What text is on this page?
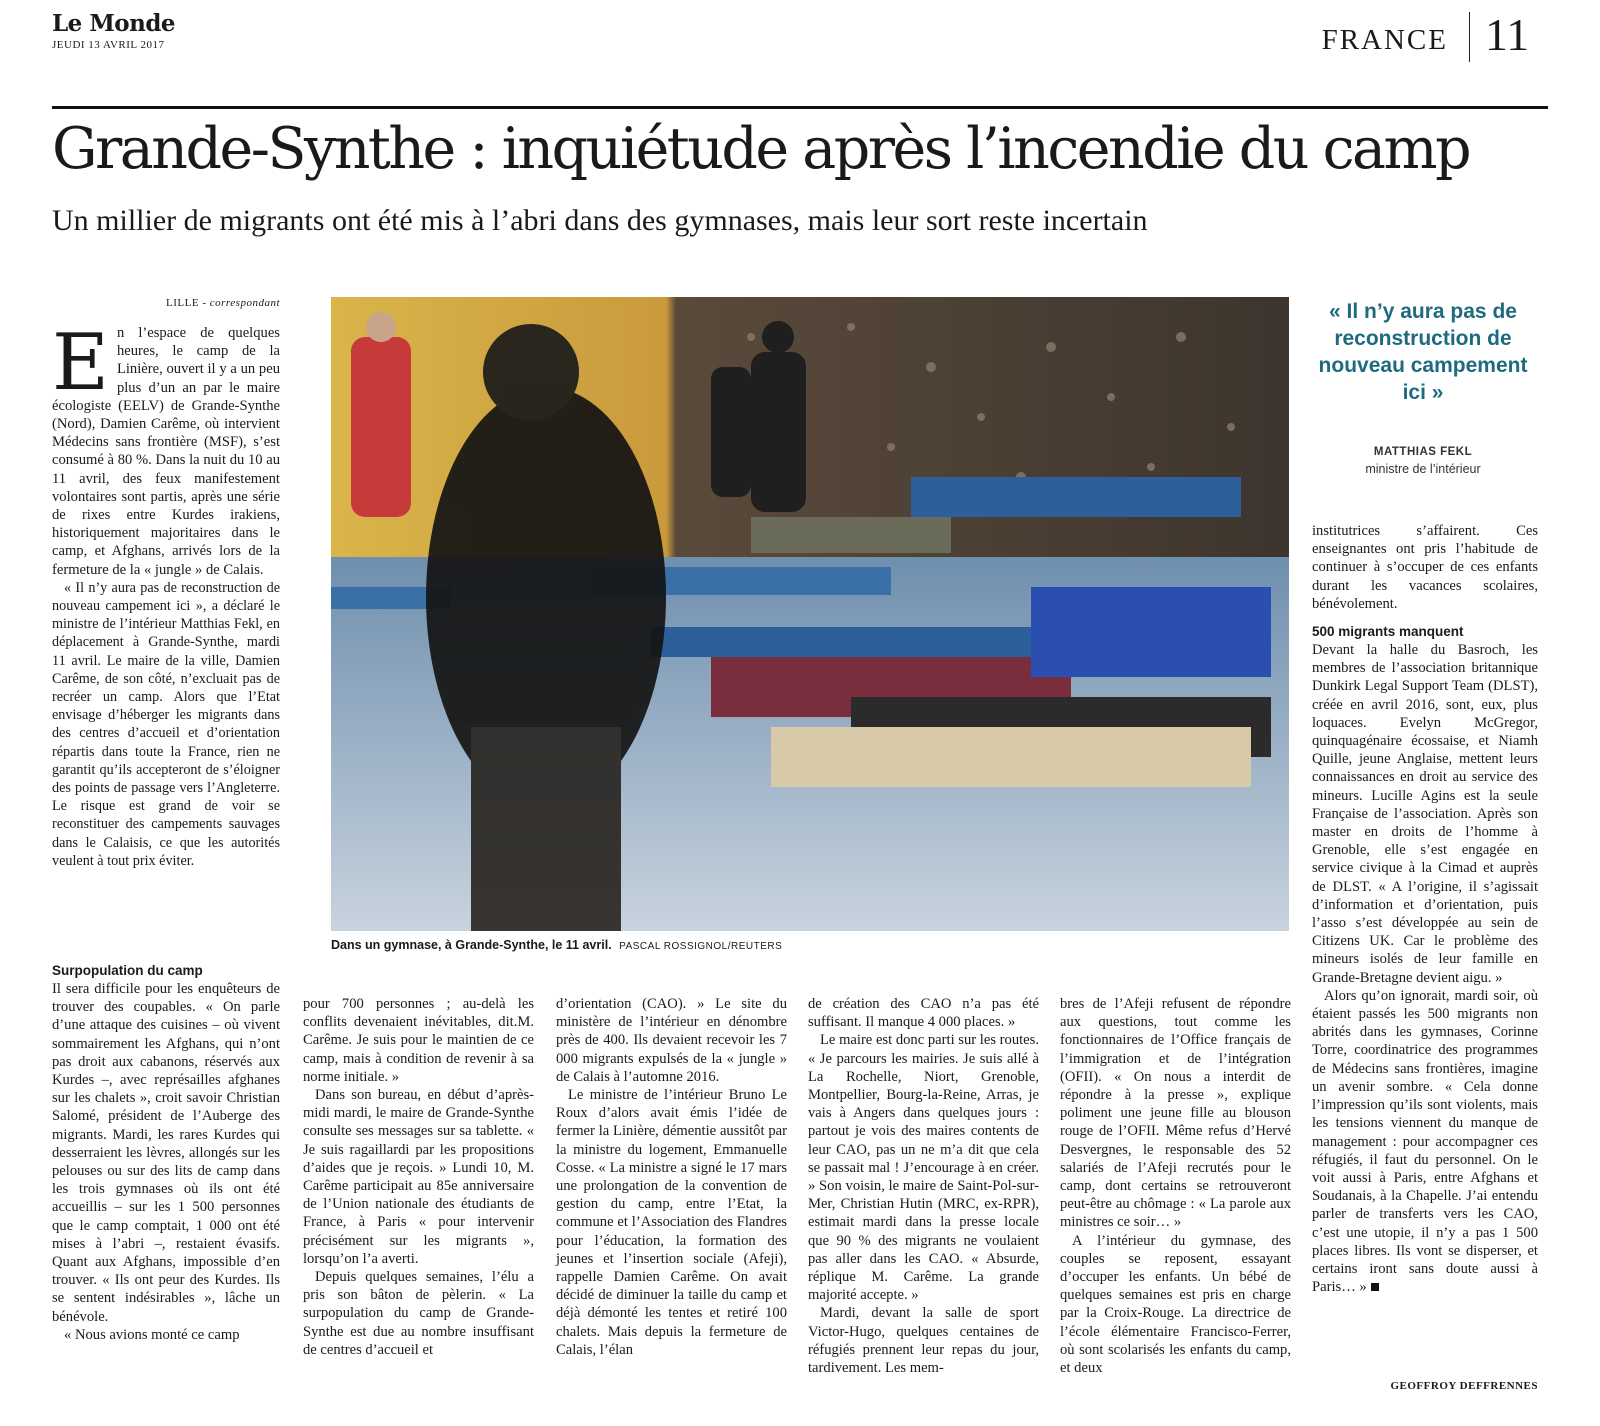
Le Monde
JEUDI 13 AVRIL 2017	FRANCE 11
Grande-Synthe : inquiétude après l’incendie du camp
Un millier de migrants ont été mis à l’abri dans des gymnases, mais leur sort reste incertain
LILLE - correspondant
E n l’espace de quelques heures, le camp de la Linière, ouvert il y a un peu plus d’un an par le maire écologiste (EELV) de Grande-Synthe (Nord), Damien Carême, où intervient Médecins sans frontière (MSF), s’est consumé à 80 %. Dans la nuit du 10 au 11 avril, des feux manifestement volontaires sont partis, après une série de rixes entre Kurdes irakiens, historiquement majoritaires dans le camp, et Afghans, arrivés lors de la fermeture de la « jungle » de Calais.

« Il n’y aura pas de reconstruction de nouveau campement ici », a déclaré le ministre de l’intérieur Matthias Fekl, en déplacement à Grande-Synthe, mardi 11 avril. Le maire de la ville, Damien Carême, de son côté, n’excluait pas de recréer un camp. Alors que l’Etat envisage d’héberger les migrants dans des centres d’accueil et d’orientation répartis dans toute la France, rien ne garantit qu’ils accepteront de s’éloigner des points de passage vers l’Angleterre. Le risque est grand de voir se reconstituer des campements sauvages dans le Calaisis, ce que les autorités veulent à tout prix éviter.

Dans un gymnase, à Grande-Synthe, le 11 avril. PASCAL ROSSIGNOL/REUTERS
« Il n’y aura pas de reconstruction de nouveau campement ici »
MATTHIAS FEKL
ministre de l’intérieur
Surpopulation du camp

Il sera difficile pour les enquêteurs de trouver des coupables. « On parle d’une attaque des cuisines – où vivent sommairement les Afghans, qui n’ont pas droit aux cabanons, réservés aux Kurdes –, avec représailles afghanes sur les chalets », croit savoir Christian Salomé, président de l’Auberge des migrants. Mardi, les rares Kurdes qui desserraient les lèvres, allongés sur les pelouses ou sur des lits de camp dans les trois gymnases où ils ont été accueillis – sur les 1 500 personnes que le camp comptait, 1 000 ont été mises à l’abri –, restaient évasifs. Quant aux Afghans, impossible d’en trouver. « Ils ont peur des Kurdes. Ils se sentent indésirables », lâche un bénévole.

« Nous avions monté ce camp

pour 700 personnes ; au-delà les conflits devenaient inévitables, dit.M. Carême. Je suis pour le maintien de ce camp, mais à condition de revenir à sa norme initiale. »

Dans son bureau, en début d’après-midi mardi, le maire de Grande-Synthe consulte ses messages sur sa tablette. « Je suis ragaillardi par les propositions d’aides que je reçois. » Lundi 10, M. Carême participait au 85e anniversaire de l’Union nationale des étudiants de France, à Paris « pour intervenir précisément sur les migrants », lorsqu’on l’a averti.

Depuis quelques semaines, l’élu a pris son bâton de pèlerin. « La surpopulation du camp de Grande-Synthe est due au nombre insuffisant de centres d’accueil et

d’orientation (CAO). » Le site du ministère de l’intérieur en dénombre près de 400. Ils devaient recevoir les 7 000 migrants expulsés de la « jungle » de Calais à l’automne 2016.

Le ministre de l’intérieur Bruno Le Roux d’alors avait émis l’idée de fermer la Linière, démentie aussitôt par la ministre du logement, Emmanuelle Cosse. « La ministre a signé le 17 mars une prolongation de la convention de gestion du camp, entre l’Etat, la commune et l’Association des Flandres pour l’éducation, la formation des jeunes et l’insertion sociale (Afeji), rappelle Damien Carême. On avait décidé de diminuer la taille du camp et déjà démonté les tentes et retiré 100 chalets. Mais depuis la fermeture de Calais, l’élan

de création des CAO n’a pas été suffisant. Il manque 4 000 places. »

Le maire est donc parti sur les routes. « Je parcours les mairies. Je suis allé à La Rochelle, Niort, Grenoble, Montpellier, Bourg-la-Reine, Arras, je vais à Angers dans quelques jours : partout je vois des maires contents de leur CAO, pas un ne m’a dit que cela se passait mal ! J’encourage à en créer. » Son voisin, le maire de Saint-Pol-sur-Mer, Christian Hutin (MRC, ex-RPR), estimait mardi dans la presse locale que 90 % des migrants ne voulaient pas aller dans les CAO. « Absurde, réplique M. Carême. La grande majorité accepte. »

Mardi, devant la salle de sport Victor-Hugo, quelques centaines de réfugiés prennent leur repas du jour, tardivement. Les mem-

bres de l’Afeji refusent de répondre aux questions, tout comme les fonctionnaires de l’Office français de l’immigration et de l’intégration (OFII). « On nous a interdit de répondre à la presse », explique poliment une jeune fille au blouson rouge de l’OFII. Même refus d’Hervé Desvergnes, le responsable des 52 salariés de l’Afeji recrutés pour le camp, dont certains se retrouveront peut-être au chômage : « La parole aux ministres ce soir… »

A l’intérieur du gymnase, des couples se reposent, essayant d’occuper les enfants. Un bébé de quelques semaines est pris en charge par la Croix-Rouge. La directrice de l’école élémentaire Francisco-Ferrer, où sont scolarisés les enfants du camp, et deux

institutrices s’affairent. Ces enseignantes ont pris l’habitude de continuer à s’occuper de ces enfants durant les vacances scolaires, bénévolement.

500 migrants manquent

Devant la halle du Basroch, les membres de l’association britannique Dunkirk Legal Support Team (DLST), créée en avril 2016, sont, eux, plus loquaces. Evelyn McGregor, quinquagénaire écossaise, et Niamh Quille, jeune Anglaise, mettent leurs connaissances en droit au service des mineurs. Lucille Agins est la seule Française de l’association. Après son master en droits de l’homme à Grenoble, elle s’est engagée en service civique à la Cimad et auprès de DLST. « A l’origine, il s’agissait d’information et d’orientation, puis l’asso s’est développée au sein de Citizens UK. Car le problème des mineurs isolés de leur famille en Grande-Bretagne devient aigu. »

Alors qu’on ignorait, mardi soir, où étaient passés les 500 migrants non abrités dans les gymnases, Corinne Torre, coordinatrice des programmes de Médecins sans frontières, imagine un avenir sombre. « Cela donne l’impression qu’ils sont violents, mais les tensions viennent du manque de management : pour accompagner ces réfugiés, il faut du personnel. On le voit aussi à Paris, entre Afghans et Soudanais, à la Chapelle. J’ai entendu parler de transferts vers les CAO, c’est une utopie, il n’y a pas 1 500 places libres. Ils vont se disperser, et certains iront sans doute aussi à Paris… »

GEOFFROY DEFFRENNES
